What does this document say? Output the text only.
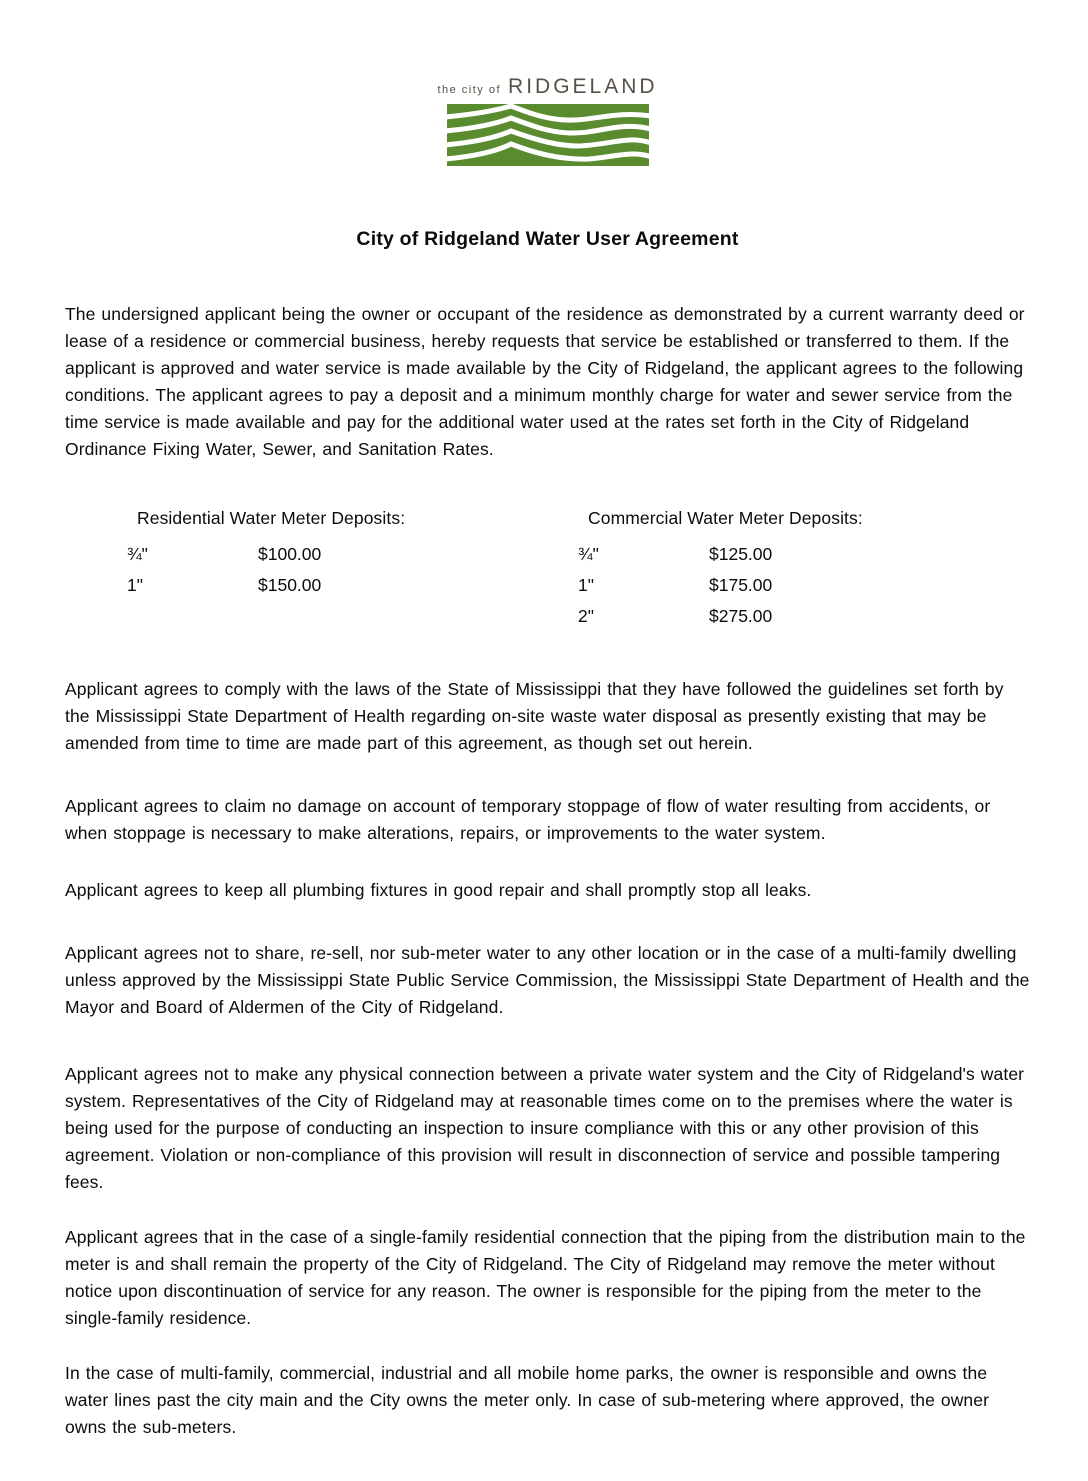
the city of RIDGELAND
City of Ridgeland Water User Agreement

The undersigned applicant being the owner or occupant of the residence as demonstrated by a current warranty deed or lease of a residence or commercial business, hereby requests that service be established or transferred to them. If the applicant is approved and water service is made available by the City of Ridgeland, the applicant agrees to the following conditions. The applicant agrees to pay a deposit and a minimum monthly charge for water and sewer service from the time service is made available and pay for the additional water used at the rates set forth in the City of Ridgeland Ordinance Fixing Water, Sewer, and Sanitation Rates.

Residential Water Meter Deposits:
¾"	$100.00
1"	$150.00
Commercial Water Meter Deposits:
¾"	$125.00
1"	$175.00
2"	$275.00

Applicant agrees to comply with the laws of the State of Mississippi that they have followed the guidelines set forth by the Mississippi State Department of Health regarding on-site waste water disposal as presently existing that may be amended from time to time are made part of this agreement, as though set out herein.

Applicant agrees to claim no damage on account of temporary stoppage of flow of water resulting from accidents, or when stoppage is necessary to make alterations, repairs, or improvements to the water system.

Applicant agrees to keep all plumbing fixtures in good repair and shall promptly stop all leaks.

Applicant agrees not to share, re-sell, nor sub-meter water to any other location or in the case of a multi-family dwelling unless approved by the Mississippi State Public Service Commission, the Mississippi State Department of Health and the Mayor and Board of Aldermen of the City of Ridgeland.

Applicant agrees not to make any physical connection between a private water system and the City of Ridgeland's water system. Representatives of the City of Ridgeland may at reasonable times come on to the premises where the water is being used for the purpose of conducting an inspection to insure compliance with this or any other provision of this agreement. Violation or non-compliance of this provision will result in disconnection of service and possible tampering fees.

Applicant agrees that in the case of a single-family residential connection that the piping from the distribution main to the meter is and shall remain the property of the City of Ridgeland. The City of Ridgeland may remove the meter without notice upon discontinuation of service for any reason. The owner is responsible for the piping from the meter to the single-family residence.

In the case of multi-family, commercial, industrial and all mobile home parks, the owner is responsible and owns the water lines past the city main and the City owns the meter only. In case of sub-metering where approved, the owner owns the sub-meters.
